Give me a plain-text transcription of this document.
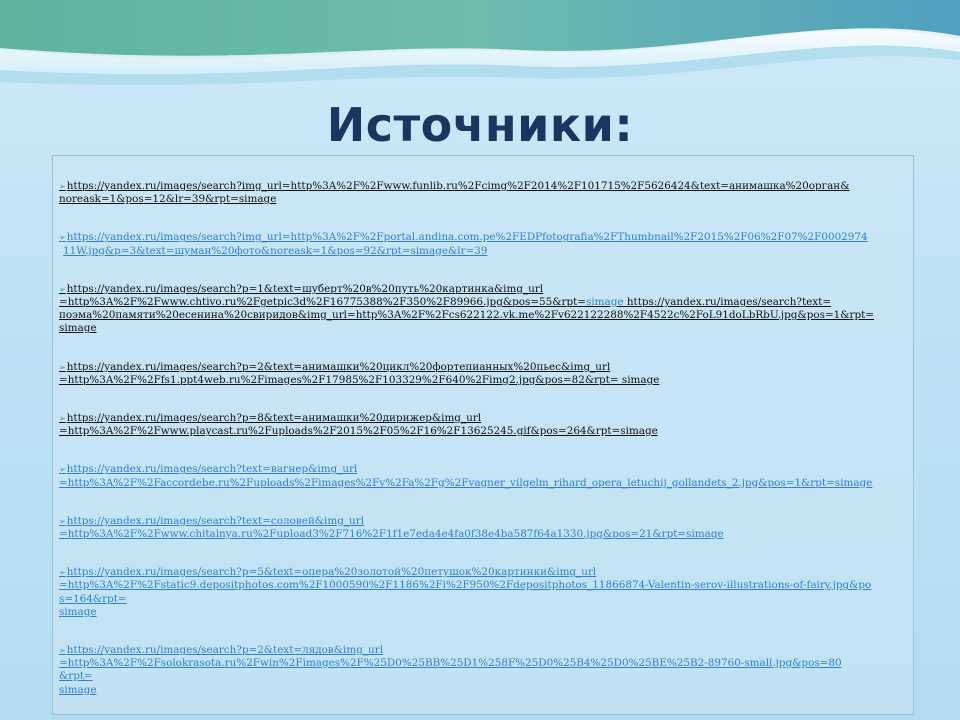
Источники:
➢https://yandex.ru/images/search?img_url=http%3A%2F%2Fwww.funlib.ru%2Fcimg%2F2014%2F101715%2F5626424&text=анимашка%20орган&
noreask=1&pos=12&lr=39&rpt=simage
➢https://yandex.ru/images/search?img_url=http%3A%2F%2Fportal.andina.com.pe%2FEDPfotografia%2FThumbnail%2F2015%2F06%2F07%2F0002974
11W.jpg&p=3&text=шуман%20фото&noreask=1&pos=92&rpt=simage&lr=39
➢https://yandex.ru/images/search?p=1&text=шуберт%20в%20путь%20картинка&img_url
=http%3A%2F%2Fwww.chtivo.ru%2Fgetpic3d%2F16775388%2F350%2F89966.jpg&pos=55&rpt=simage https://yandex.ru/images/search?text=
поэма%20памяти%20есенина%20свиридов&img_url=http%3A%2F%2Fcs622122.vk.me%2Fv622122288%2F4522c%2FoL91doLbRbU.jpg&pos=1&rpt=
simage
➢https://yandex.ru/images/search?p=2&text=анимашки%20цикл%20фортепианных%20пьес&img_url
=http%3A%2F%2Ffs1.ppt4web.ru%2Fimages%2F17985%2F103329%2F640%2Fimg2.jpg&pos=82&rpt= simage
➢https://yandex.ru/images/search?p=8&text=анимашки%20дирижер&img_url
=http%3A%2F%2Fwww.playcast.ru%2Fuploads%2F2015%2F05%2F16%2F13625245.gif&pos=264&rpt=simage
➢https://yandex.ru/images/search?text=вагнер&img_url
=http%3A%2F%2Faccordebe.ru%2Fuploads%2Fimages%2Fv%2Fa%2Fg%2Fvagner_vilgelm_rihard_opera_letuchij_gollandets_2.jpg&pos=1&rpt=simage
➢https://yandex.ru/images/search?text=соловей&img_url
=http%3A%2F%2Fwww.chitalnya.ru%2Fupload3%2F716%2F1f1e7eda4e4fa0f38e4ba587f64a1330.jpg&pos=21&rpt=simage
➢https://yandex.ru/images/search?p=5&text=опера%20золотой%20петушок%20картинки&img_url
=http%3A%2F%2Fstatic9.depositphotos.com%2F1000590%2F1186%2Fi%2F950%2Fdepositphotos_11866874-Valentin-serov-illustrations-of-fairy.jpg&po
s=164&rpt=
simage
➢https://yandex.ru/images/search?p=2&text=лядов&img_url
=http%3A%2F%2Fsolokrasota.ru%2Fwin%2Fimages%2F%25D0%25BB%25D1%258F%25D0%25B4%25D0%25BE%25B2-89760-small.jpg&pos=80
&rpt=
simage
